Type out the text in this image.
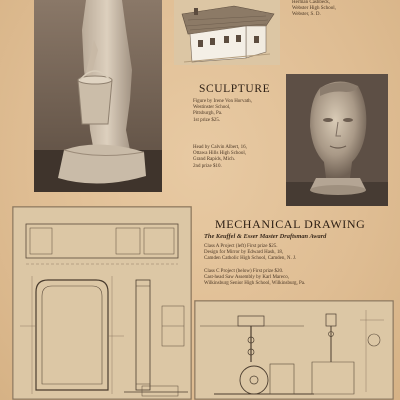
Herman Cashbeck,
Webster High School,
Webster, S. D.
SCULPTURE
Figure by Irene Von Horvath,
Westinster School,
Pittsburgh, Pa.
1st prize $25.
Head by Calvin Albert, 16,
Ottawa Hills High School,
Grand Rapids, Mich.
2nd prize $10.
MECHANICAL DRAWING
The Keuffel & Esser Master Draftsman Award
Class A Project (left) First prize $25.
Design for Mirror by Edward Hash, 18,
Camden Catholic High School, Camden, N. J.
Class C Project (below) First prize $20.
Cast-head Saw Assembly by Karl Mareco,
Wilkinsburg Senior High School, Wilkinsburg, Pa.
